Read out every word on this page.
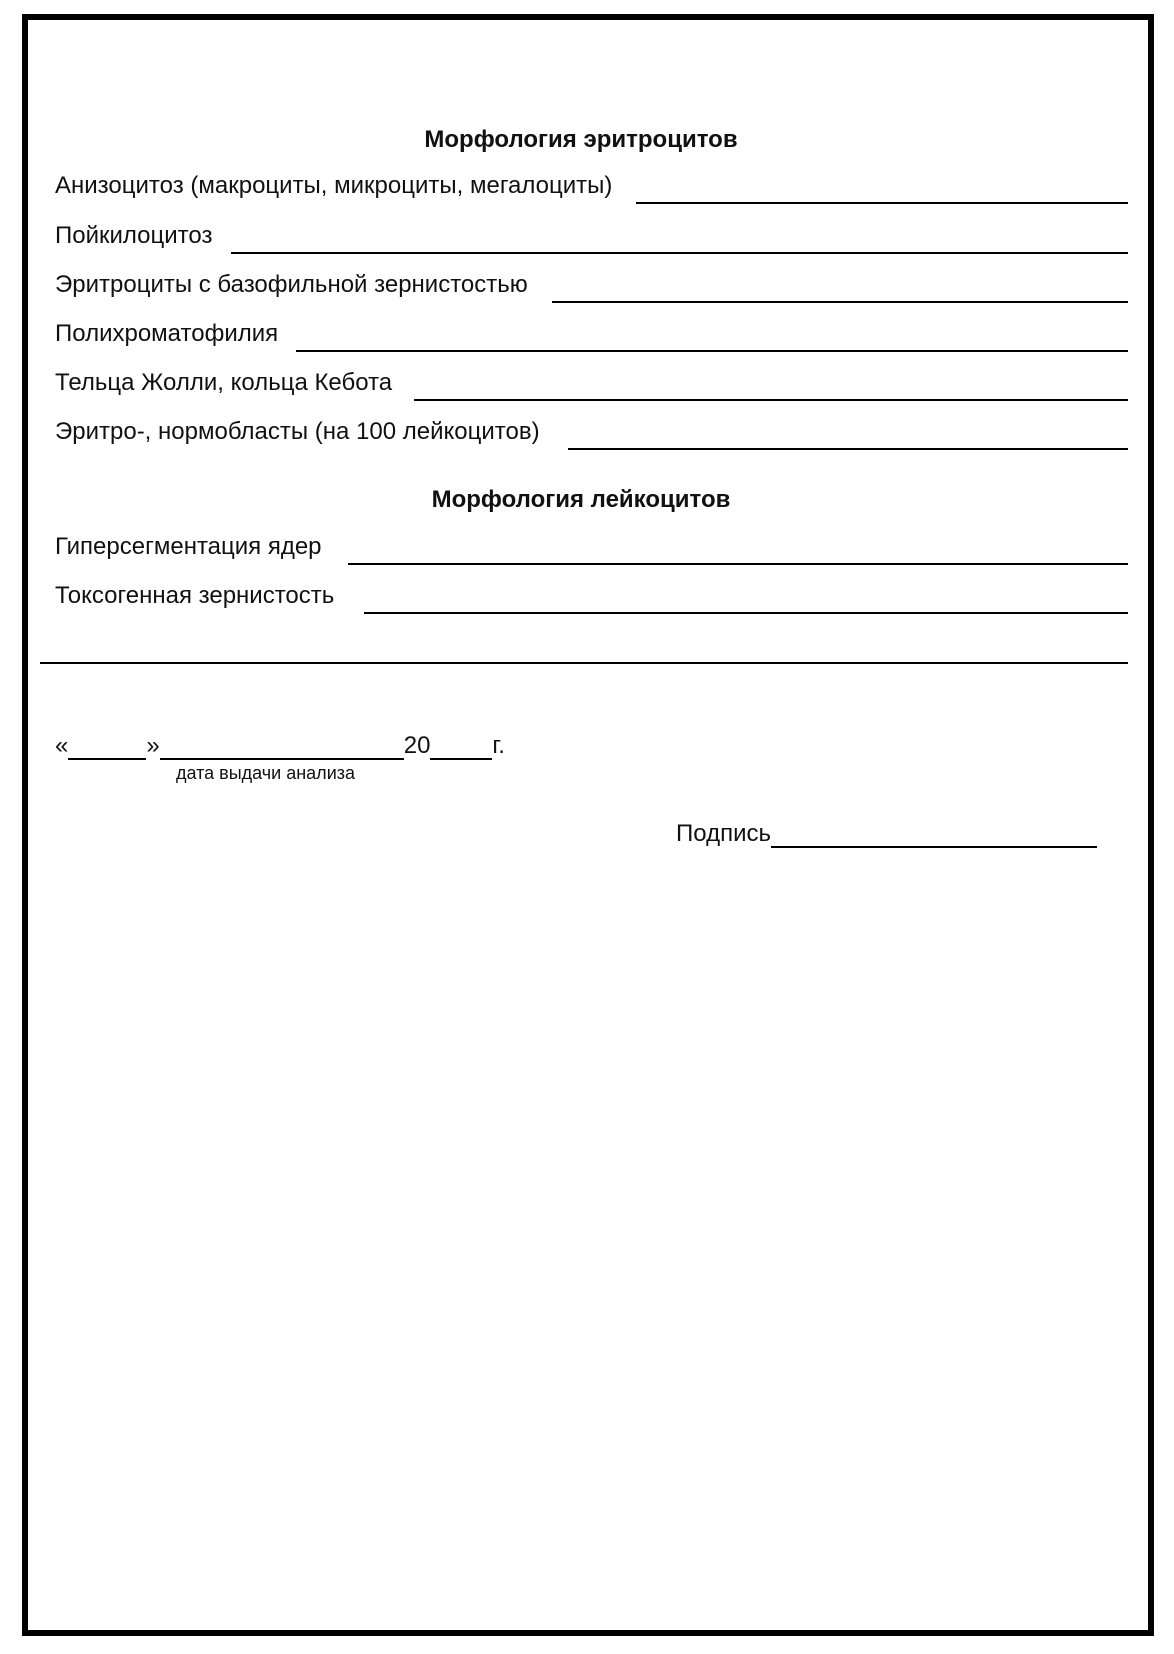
Морфология эритроцитов
Анизоцитоз (макроциты, микроциты, мегалоциты)
Пойкилоцитоз
Эритроциты с базофильной зернистостью
Полихроматофилия
Тельца Жолли, кольца Кебота
Эритро-, нормобласты (на 100 лейкоцитов)
Морфология лейкоцитов
Гиперсегментация ядер
Токсогенная зернистость
«	»	20	г.
дата выдачи анализа
Подпись
